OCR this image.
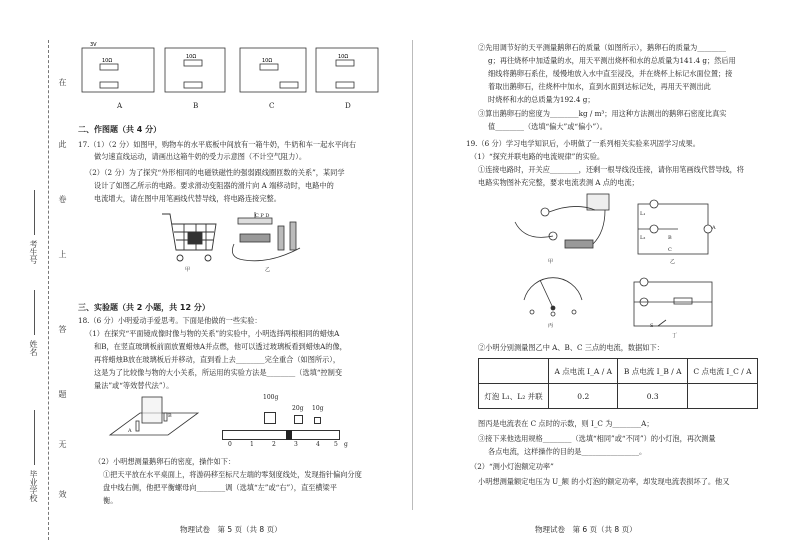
在
此
卷
上
答
题
无
效
考生号
姓名
毕业学校
3V
10Ω
10Ω
10Ω
10Ω
A	B	C	D
二、作图题（共 4 分）
17.（1）（2 分）如图甲，购物车的水平底板中间放有一箱牛奶，牛奶和车一起水平向右
做匀速直线运动，请画出这箱牛奶的受力示意图（不计空气阻力）。
（2）（2 分）为了探究“外形相同的电磁铁磁性的强弱跟线圈匝数的关系”，某同学
设计了如图乙所示的电路。要求滑动变阻器的滑片向 A 端移动时，电路中的
电流增大，请在图中用笔画线代替导线，将电路连接完整。
甲
C P D
乙
三、实验题（共 2 小题，共 12 分）
18.（6 分）小明爱动手爱思考。下面是他做的一些实验：
（1）在探究“平面镜成像时像与物的关系”的实验中，小明选择两根相同的蜡烛A
和B，在竖直玻璃板前面放置蜡烛A并点燃，他可以透过玻璃板看到蜡烛A的像，
再将蜡烛B放在玻璃板后并移动，直到看上去________完全重合（如图所示），
这是为了比较像与物的大小关系，所运用的实验方法是________（选填“控制变
量法”或“等效替代法”）。
A
B
100g
20g 10g
0	1	2	3	4 5 g
（2）小明想测量鹅卵石的密度，操作如下：
①把天平放在水平桌面上，将游码移至标尺左端的零刻度线处，发现指针偏向分度
盘中线右侧，他把平衡螺母向________调（选填“左”或“右”），直至横梁平
衡。
物理试卷　第 5 页（共 8 页）
②先用调节好的天平测量鹅卵石的质量（如图所示），鹅卵石的质量为________
g；再往烧杯中加适量的水，用天平测出烧杯和水的总质量为141.4 g；然后用
细线将鹅卵石系住，缓慢地放入水中直至浸没，并在烧杯上标记水面位置；接
着取出鹅卵石，往烧杯中加水，直到水面到达标记处，再用天平测出此
时烧杯和水的总质量为192.4 g；
③算出鹅卵石的密度为________kg / m³；用这种方法测出的鹅卵石密度比真实
值________（选填“偏大”或“偏小”）。
19.（6 分）学习电学知识后，小明做了一系列相关实验来巩固学习成果。
（1）“探究并联电路的电流规律”的实验。
①连接电路时，开关应________，还剩一根导线没连接，请你用笔画线代替导线，将
电路实物图补充完整，要求电流表测 A 点的电流；
甲
L₁
L₂
A
B
C
乙
丙	S
丁
②小明分别测量图乙中 A、B、C 三点的电流，数据如下：
	A 点电流 I_A / A	B 点电流 I_B / A	C 点电流 I_C / A
灯泡 L₁、L₂ 并联	0.2	0.3	
图丙是电流表在 C 点时的示数，则 I_C 为________A；
③接下来他选用规格________（选填“相同”或“不同”）的小灯泡，再次测量
各点电流，这样操作的目的是________________。
（2）“测小灯泡额定功率”
小明想测量额定电压为 U_额 的小灯泡的额定功率，却发现电流表损坏了。他又
物理试卷　第 6 页（共 8 页）
